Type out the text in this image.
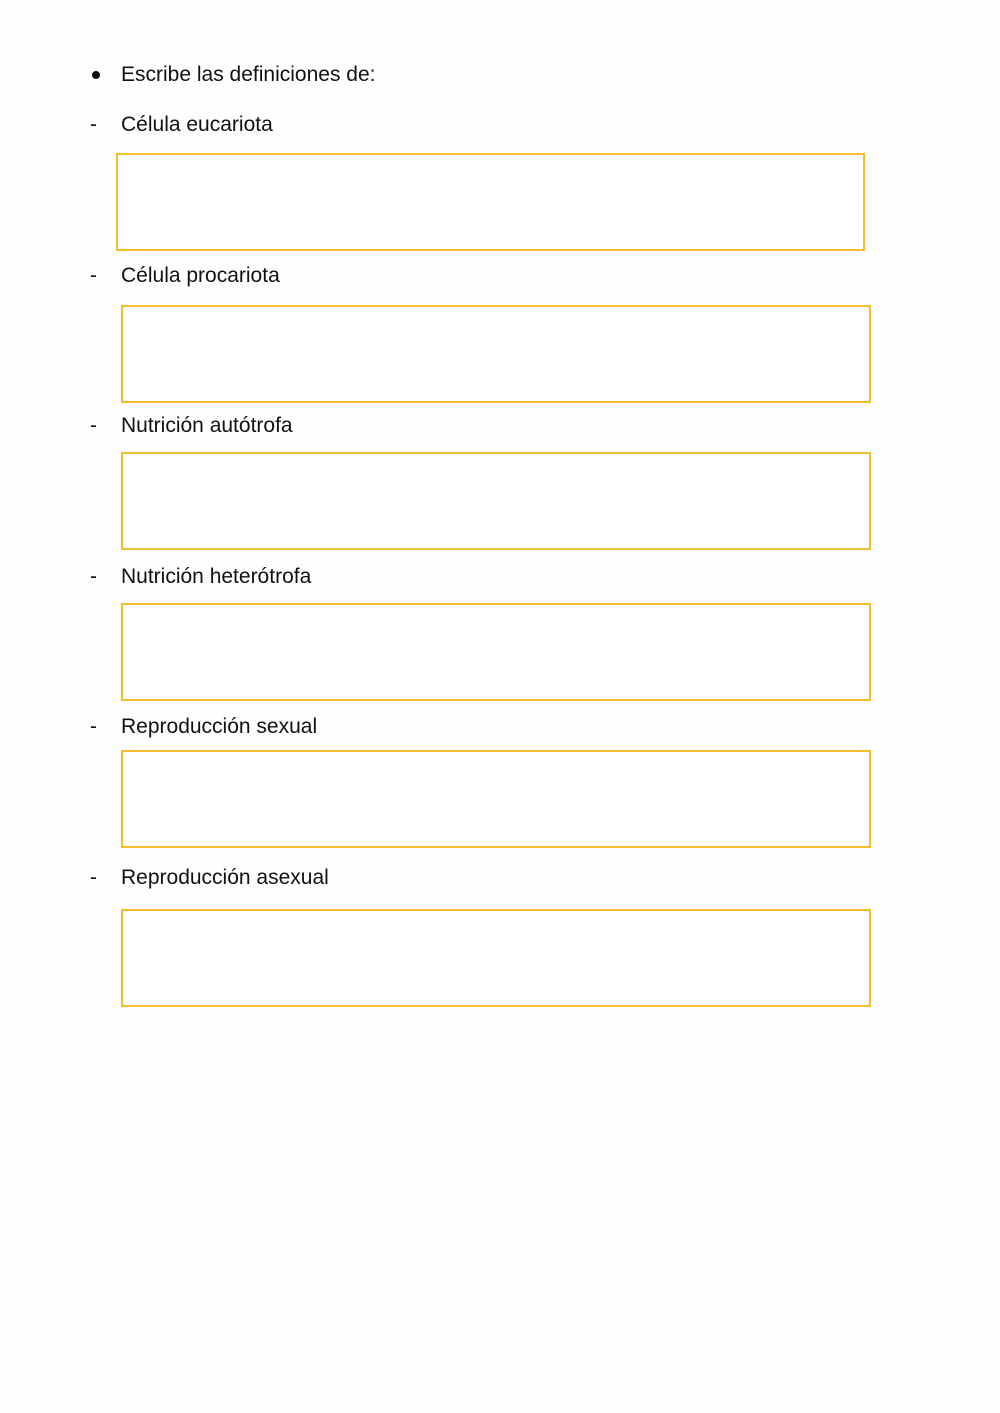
Escribe las definiciones de:
-	Célula eucariota
-	Célula procariota
-	Nutrición autótrofa
-	Nutrición heterótrofa
-	Reproducción sexual
-	Reproducción asexual
